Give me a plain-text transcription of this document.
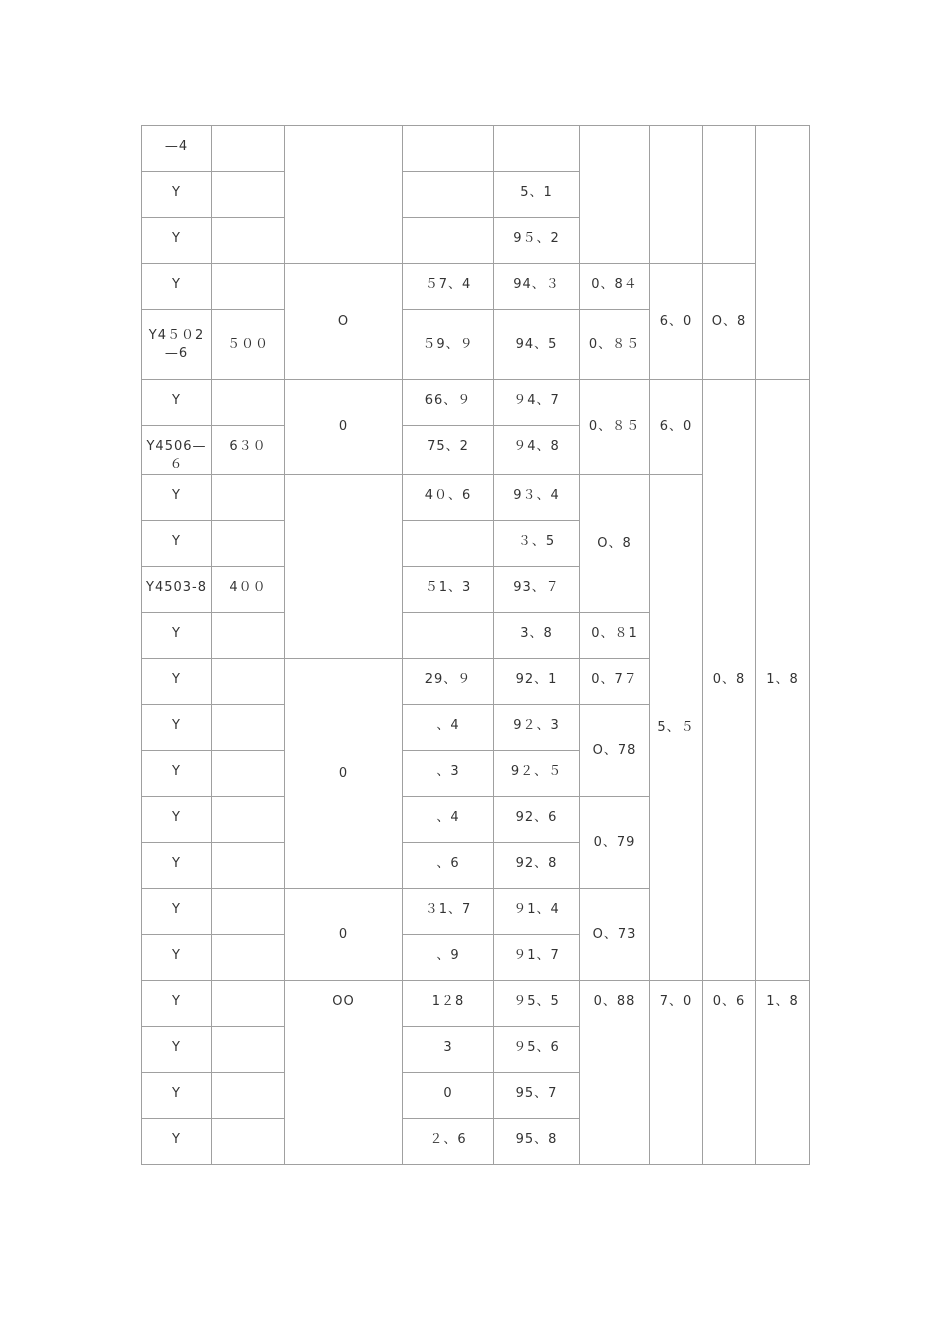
—4								
Y				5、1				
Y				9５、2				
Y		O	５7、4	94、３	0、8４	6、0	O、8	
Y4５０2—6	５００		５9、９	94、5	0、８５			
Y		0	66、９	９4、7	0、８５	6、0	0、8	1、8
Y4506—６	6３０		75、2	９4、8				
Y			4０、6	9３、4	O、8	5、５		
Y				３、5				
Y4503-8	4００		５1、3	93、７				
Y				3、8	0、８1			
Y		0	29、９	92、1	0、7７			
Y			、4	9２、3	O、78			
Y			、3	9２、５				
Y			、4	92、6	0、79			
Y			、6	92、8				
Y		0	３1、7	９1、4	O、73			
Y			、9	９1、7				
Y		OO	1２8	９5、5	0、88	7、0	0、6	1、8
Y			3	９5、6				
Y			0	95、7				
Y			２、6	95、8				
